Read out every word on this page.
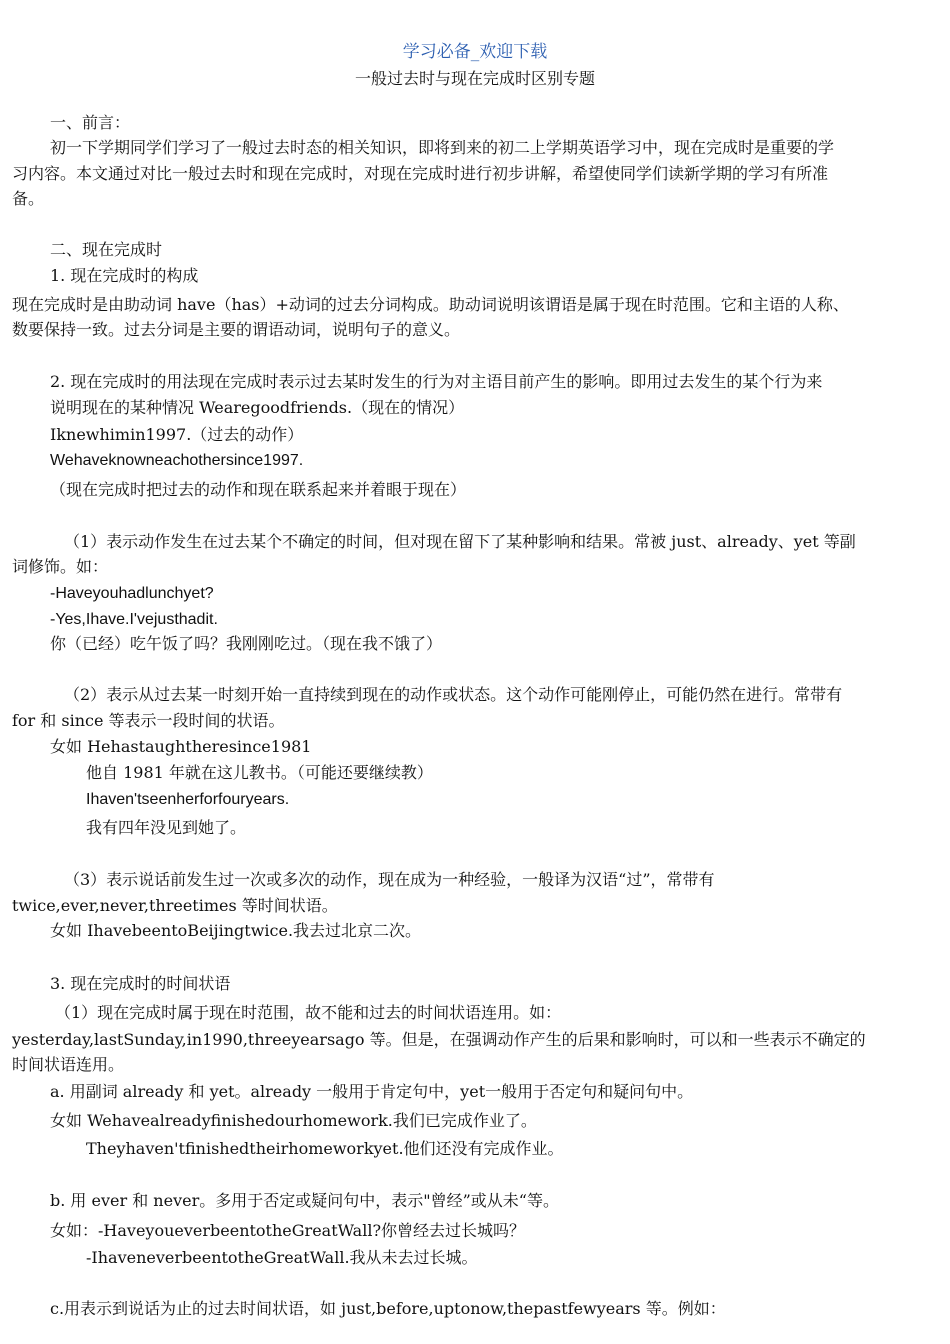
学习必备_欢迎下载
一般过去时与现在完成时区别专题
一、前言：
初一下学期同学们学习了一般过去时态的相关知识，即将到来的初二上学期英语学习中，现在完成时是重要的学
习内容。本文通过对比一般过去时和现在完成时，对现在完成时进行初步讲解，希望使同学们读新学期的学习有所准
备。
二、现在完成时
1. 现在完成时的构成
现在完成时是由助动词 have（has）+动词的过去分词构成。助动词说明该谓语是属于现在时范围。它和主语的人称、
数要保持一致。过去分词是主要的谓语动词，说明句子的意义。
2. 现在完成时的用法现在完成时表示过去某时发生的行为对主语目前产生的影响。即用过去发生的某个行为来
说明现在的某种情况 Wearegoodfriends.（现在的情况）
Iknewhimin1997.（过去的动作）
Wehaveknowneachothersince1997.
（现在完成时把过去的动作和现在联系起来并着眼于现在）
（1）表示动作发生在过去某个不确定的时间，但对现在留下了某种影响和结果。常被 just、already、yet 等副
词修饰。如：
-Haveyouhadlunchyet?
-Yes,Ihave.I'vejusthadit.
你（已经）吃午饭了吗？我刚刚吃过。（现在我不饿了）
（2）表示从过去某一时刻开始一直持续到现在的动作或状态。这个动作可能刚停止，可能仍然在进行。常带有
for 和 since 等表示一段时间的状语。
女如 Hehastaughtheresince1981
他自 1981 年就在这儿教书。（可能还要继续教）
Ihaven'tseenherforfouryears.
我有四年没见到她了。
（3）表示说话前发生过一次或多次的动作，现在成为一种经验，一般译为汉语“过”，常带有
twice,ever,never,threetimes 等时间状语。
女如 IhavebeentoBeijingtwice.我去过北京二次。
3. 现在完成时的时间状语
（1）现在完成时属于现在时范围，故不能和过去的时间状语连用。如：
yesterday,lastSunday,in1990,threeyearsago 等。但是，在强调动作产生的后果和影响时，可以和一些表示不确定的
时间状语连用。
a. 用副词 already 和 yet。already 一般用于肯定句中，yet一般用于否定句和疑问句中。
女如 Wehavealreadyfinishedourhomework.我们已完成作业了。
Theyhaven'tfinishedtheirhomeworkyet.他们还没有完成作业。
b. 用 ever 和 never。多用于否定或疑问句中，表示"曾经”或从未“等。
女如：-HaveyoueverbeentotheGreatWall?你曾经去过长城吗？
-IhaveneverbeentotheGreatWall.我从未去过长城。
c.用表示到说话为止的过去时间状语，如 just,before,uptonow,thepastfewyears 等。例如：
